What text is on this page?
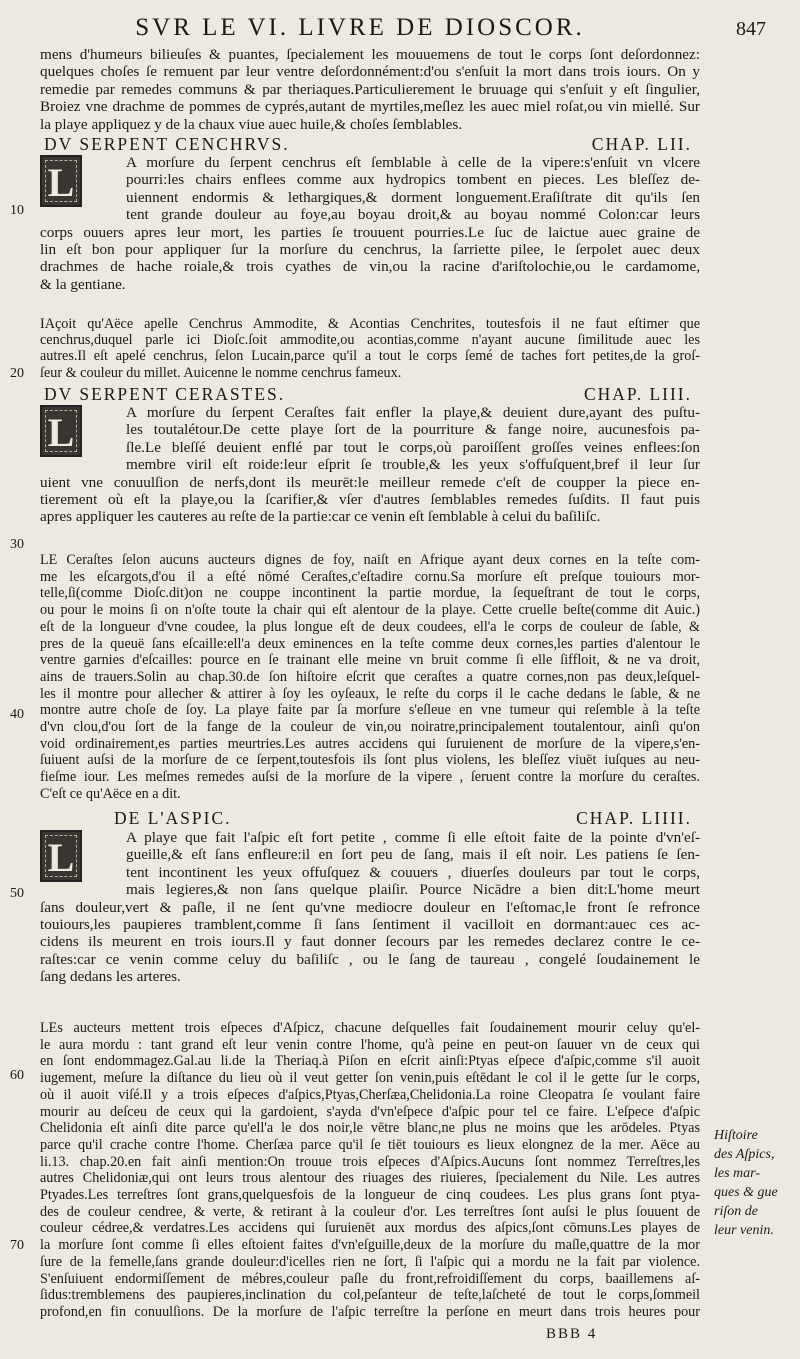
SVR LE VI. LIVRE DE DIOSCOR.	847
mens d'humeurs bilieuſes & puantes, ſpecialement les mouuemens de tout le corps ſont deſordonnez:
quelques choſes ſe remuent par leur ventre deſordonnément:d'ou s'enſuit la mort dans trois iours. On y
remedie par remedes communs & par theriaques.Particulierement le bruuage qui s'enſuit y eſt ſingulier,
Broiez vne drachme de pommes de cyprés,autant de myrtiles,meſlez les auec miel roſat,ou vin miellé. Sur
la playe appliquez y de la chaux viue auec huile,& choſes ſemblables.
DV SERPENT CENCHRVS.	CHAP. LII.
L	A morſure du ſerpent cenchrus eſt ſemblable à celle de la vipere:s'enſuit vn vlcere
pourri:les chairs enflees comme aux hydropics tombent en pieces. Les bleſſez de-
uiennent endormis & lethargiques,& dorment longuement.Eraſiſtrate dit qu'ils ſen
tent grande douleur au foye,au boyau droit,& au boyau nommé Colon:car leurs
corps ouuers apres leur mort, les parties ſe trouuent pourries.Le ſuc de laictue auec graine de
lin eſt bon pour appliquer ſur la morſure du cenchrus, la ſarriette pilee, le ſerpolet auec deux
drachmes de hache roiale,& trois cyathes de vin,ou la racine d'ariſtolochie,ou le cardamome,
& la gentiane.
IAçoit qu'Aëce apelle Cenchrus Ammodite, & Acontias Cenchrites, toutesfois il ne faut eſtimer que
cenchrus,duquel parle ici Dioſc.ſoit ammodite,ou acontias,comme n'ayant aucune ſimilitude auec les
autres.Il eſt apelé cenchrus, ſelon Lucain,parce qu'il a tout le corps ſemé de taches fort petites,de la groſ-
ſeur & couleur du millet. Auicenne le nomme cenchrus fameux.
DV SERPENT CERASTES.	CHAP. LIII.
L	A morſure du ſerpent Ceraſtes fait enfler la playe,& deuient dure,ayant des puſtu-
les toutalétour.De cette playe ſort de la pourriture & fange noire, aucunesfois pa-
ſle.Le bleſſé deuient enflé par tout le corps,où paroiſſent groſſes veines enflees:ſon
membre viril eſt roide:leur eſprit ſe trouble,& les yeux s'offuſquent,bref il leur ſur
uient vne conuulſion de nerfs,dont ils meurēt:le meilleur remede c'eſt de coupper la piece en-
tierement où eſt la playe,ou la ſcarifier,& vſer d'autres ſemblables remedes ſuſdits. Il faut puis
apres appliquer les cauteres au reſte de la partie:car ce venin eſt ſemblable à celui du baſiliſc.
LE Ceraſtes ſelon aucuns aucteurs dignes de foy, naiſt en Afrique ayant deux cornes en la teſte com-
me les eſcargots,d'ou il a eſté nōmé Ceraſtes,c'eſtadire cornu.Sa morſure eſt preſque touiours mor-
telle,ſi(comme Dioſc.dit)on ne couppe incontinent la partie mordue, la ſequeſtrant de tout le corps,
ou pour le moins ſi on n'oſte toute la chair qui eſt alentour de la playe. Cette cruelle beſte(comme dit Auic.)
eſt de la longueur d'vne coudee, la plus longue eſt de deux coudees, ell'a le corps de couleur de ſable, &
pres de la queuë ſans eſcaille:ell'a deux eminences en la teſte comme deux cornes,les parties d'alentour le
ventre garnies d'eſcailles: pource en ſe trainant elle meine vn bruit comme ſi elle ſiffloit, & ne va droit,
ains de trauers.Solin au chap.30.de ſon hiſtoire eſcrit que ceraſtes a quatre cornes,non pas deux,leſquel-
les il montre pour allecher & attirer à ſoy les oyſeaux, le reſte du corps il le cache dedans le ſable, & ne
montre autre choſe de ſoy. La playe faite par ſa morſure s'eſleue en vne tumeur qui reſemble à la teſte
d'vn clou,d'ou ſort de la fange de la couleur de vin,ou noiratre,principalement toutalentour, ainſi qu'on
void ordinairement,es parties meurtries.Les autres accidens qui ſuruienent de morſure de la vipere,s'en-
ſuiuent auſsi de la morſure de ce ſerpent,toutesfois ils ſont plus violens, les bleſſez viuēt iuſques au neu-
fieſme iour. Les meſmes remedes auſsi de la morſure de la vipere , ſeruent contre la morſure du ceraſtes.
C'eſt ce qu'Aëce en a dit.
DE L'ASPIC.	CHAP. LIIII.
L	A playe que fait l'aſpic eſt fort petite , comme ſi elle eſtoit faite de la pointe d'vn'eſ-
gueille,& eſt ſans enfleure:il en ſort peu de ſang, mais il eſt noir. Les patiens ſe ſen-
tent incontinent les yeux offuſquez & couuers , diuerſes douleurs par tout le corps,
mais legieres,& non ſans quelque plaiſir. Pource Nicādre a bien dit:L'home meurt
ſans douleur,vert & paſle, il ne ſent qu'vne mediocre douleur en l'eſtomac,le front ſe refronce
touiours,les paupieres tramblent,comme ſi ſans ſentiment il vacilloit en dormant:auec ces ac-
cidens ils meurent en trois iours.Il y faut donner ſecours par les remedes declarez contre le ce-
raſtes:car ce venin comme celuy du baſiliſc , ou le ſang de taureau , congelé ſoudainement le
ſang dedans les arteres.
LEs aucteurs mettent trois eſpeces d'Aſpicz, chacune deſquelles fait ſoudainement mourir celuy qu'el-
le aura mordu : tant grand eſt leur venin contre l'home, qu'à peine en peut-on ſauuer vn de ceux qui
en ſont endommagez.Gal.au li.de la Theriaq.à Piſon en eſcrit ainſi:Ptyas eſpece d'aſpic,comme s'il auoit
iugement, meſure la diſtance du lieu où il veut getter ſon venin,puis eſtēdant le col il le gette ſur le corps,
où il auoit viſé.Il y a trois eſpeces d'aſpics,Ptyas,Cherſæa,Chelidonia.La roine Cleopatra ſe voulant faire
mourir au deſceu de ceux qui la gardoient, s'ayda d'vn'eſpece d'aſpic pour tel ce faire. L'eſpece d'aſpic
Chelidonia eſt ainſi dite parce qu'ell'a le dos noir,le vētre blanc,ne plus ne moins que les arōdeles. Ptyas
parce qu'il crache contre l'home. Cherſæa parce qu'il ſe tiēt touiours es lieux elongnez de la mer. Aëce au
li.13. chap.20.en fait ainſi mention:On trouue trois eſpeces d'Aſpics.Aucuns ſont nommez Terreſtres,les
autres Chelidoniæ,qui ont leurs trous alentour des riuages des riuieres, ſpecialement du Nile. Les autres
Ptyades.Les terreſtres ſont grans,quelquesfois de la longueur de cinq coudees. Les plus grans ſont ptya-
des de couleur cendree, & verte, & retirant à la couleur d'or. Les terreſtres ſont auſsi le plus ſouuent de
couleur cédree,& verdatres.Les accidens qui ſuruienēt aux mordus des aſpics,ſont cōmuns.Les playes de
la morſure ſont comme ſi elles eſtoient faites d'vn'eſguille,deux de la morſure du maſle,quattre de la mor
ſure de la femelle,ſans grande douleur:d'icelles rien ne ſort, ſi l'aſpic qui a mordu ne la fait par violence.
S'enſuiuent endormiſſement de mébres,couleur paſle du front,refroidiſſement du corps, baaillemens aſ-
ſidus:tremblemens des paupieres,inclination du col,peſanteur de teſte,laſcheté de tout le corps,ſommeil
profond,en fin conuulſions. De la morſure de l'aſpic terreſtre la perſone en meurt dans trois heures pour
10
20
30
40
50
60
70
Hiſtoire
des Aſpics,
les mar-
ques & gue
riſon de
leur venin.
BBB 4
